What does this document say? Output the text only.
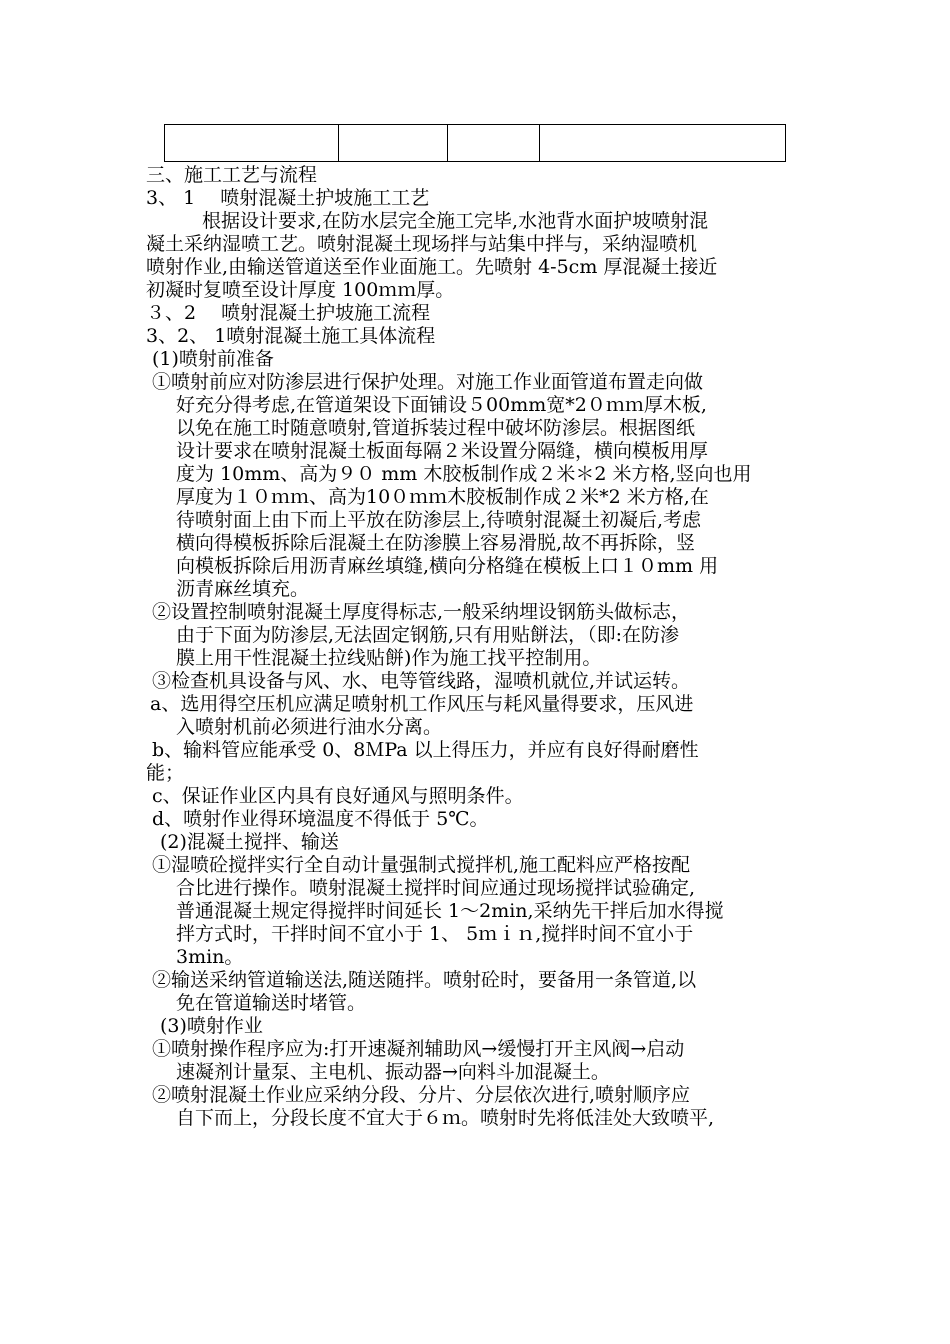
三、施工工艺与流程
3、 1　 喷射混凝土护坡施工工艺
根据设计要求,在防水层完全施工完毕,水池背水面护坡喷射混
凝土采纳湿喷工艺。喷射混凝土现场拌与站集中拌与，采纳湿喷机
喷射作业,由输送管道送至作业面施工。先喷射 4-5cm 厚混凝土接近
初凝时复喷至设计厚度 100ｍｍ厚。
３、2　 喷射混凝土护坡施工流程
3、2、 1喷射混凝土施工具体流程
(1)喷射前准备
①喷射前应对防渗层进行保护处理。对施工作业面管道布置走向做
好充分得考虑,在管道架设下面铺设５00mm宽*2０ｍｍ厚木板,
以免在施工时随意喷射,管道拆装过程中破坏防渗层。根据图纸
设计要求在喷射混凝土板面每隔２米设置分隔缝，横向模板用厚
度为 10mm、高为９０ mm 木胶板制作成２米＊2 米方格,竖向也用
厚度为１０ｍｍ、高为10０ｍｍ木胶板制作成２米*2 米方格,在
待喷射面上由下而上平放在防渗层上,待喷射混凝土初凝后,考虑
横向得模板拆除后混凝土在防渗膜上容易滑脱,故不再拆除，竖
向模板拆除后用沥青麻丝填缝,横向分格缝在模板上口１０mm 用
沥青麻丝填充。
②设置控制喷射混凝土厚度得标志,一般采纳埋设钢筋头做标志，
由于下面为防渗层,无法固定钢筋,只有用贴餅法，（即:在防渗
膜上用干性混凝土拉线贴餅)作为施工找平控制用。
③检查机具设备与风、水、电等管线路，湿喷机就位,并试运转。
a、选用得空压机应满足喷射机工作风压与耗风量得要求，压风进
入喷射机前必须进行油水分离。
b、输料管应能承受 0、8ＭPa 以上得压力，并应有良好得耐磨性
能；
c、保证作业区内具有良好通风与照明条件。
d、喷射作业得环境温度不得低于 5℃。
(2)混凝土搅拌、输送
①湿喷砼搅拌实行全自动计量强制式搅拌机,施工配料应严格按配
合比进行操作。喷射混凝土搅拌时间应通过现场搅拌试验确定,
普通混凝土规定得搅拌时间延长 1～2min,采纳先干拌后加水得搅
拌方式时，干拌时间不宜小于 1、 5ｍｉｎ,搅拌时间不宜小于
3min。
②输送采纳管道输送法,随送随拌。喷射砼时，要备用一条管道,以
免在管道输送时堵管。
(3)喷射作业
①喷射操作程序应为:打开速凝剂辅助风→缓慢打开主风阀→启动
速凝剂计量泵、主电机、振动器→向料斗加混凝土。
②喷射混凝土作业应采纳分段、分片、分层依次进行,喷射顺序应
自下而上，分段长度不宜大于６ｍ。喷射时先将低洼处大致喷平,
